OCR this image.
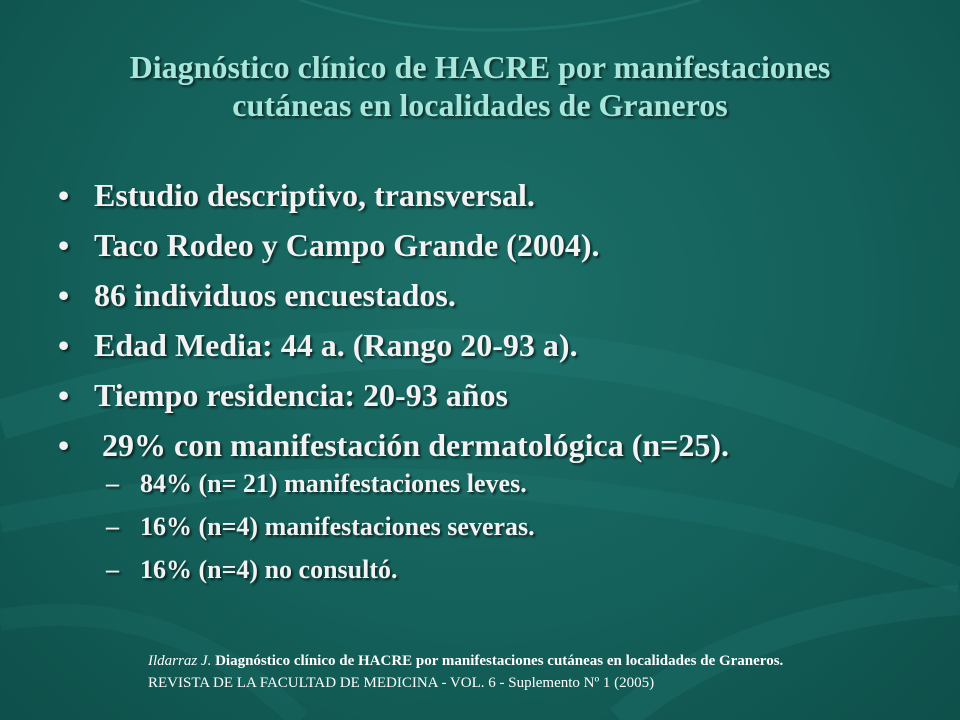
Diagnóstico clínico de HACRE por manifestaciones
cutáneas en localidades de Graneros
• Estudio descriptivo, transversal.
• Taco Rodeo y Campo Grande (2004).
• 86 individuos encuestados.
• Edad Media: 44 a. (Rango 20-93 a).
• Tiempo residencia: 20-93 años
• 29% con manifestación dermatológica (n=25).
– 84% (n= 21) manifestaciones leves.
– 16% (n=4) manifestaciones severas.
– 16% (n=4) no consultó.
Ildarraz J. Diagnóstico clínico de HACRE por manifestaciones cutáneas en localidades de Graneros.
REVISTA DE LA FACULTAD DE MEDICINA - VOL. 6 - Suplemento Nº 1 (2005)
